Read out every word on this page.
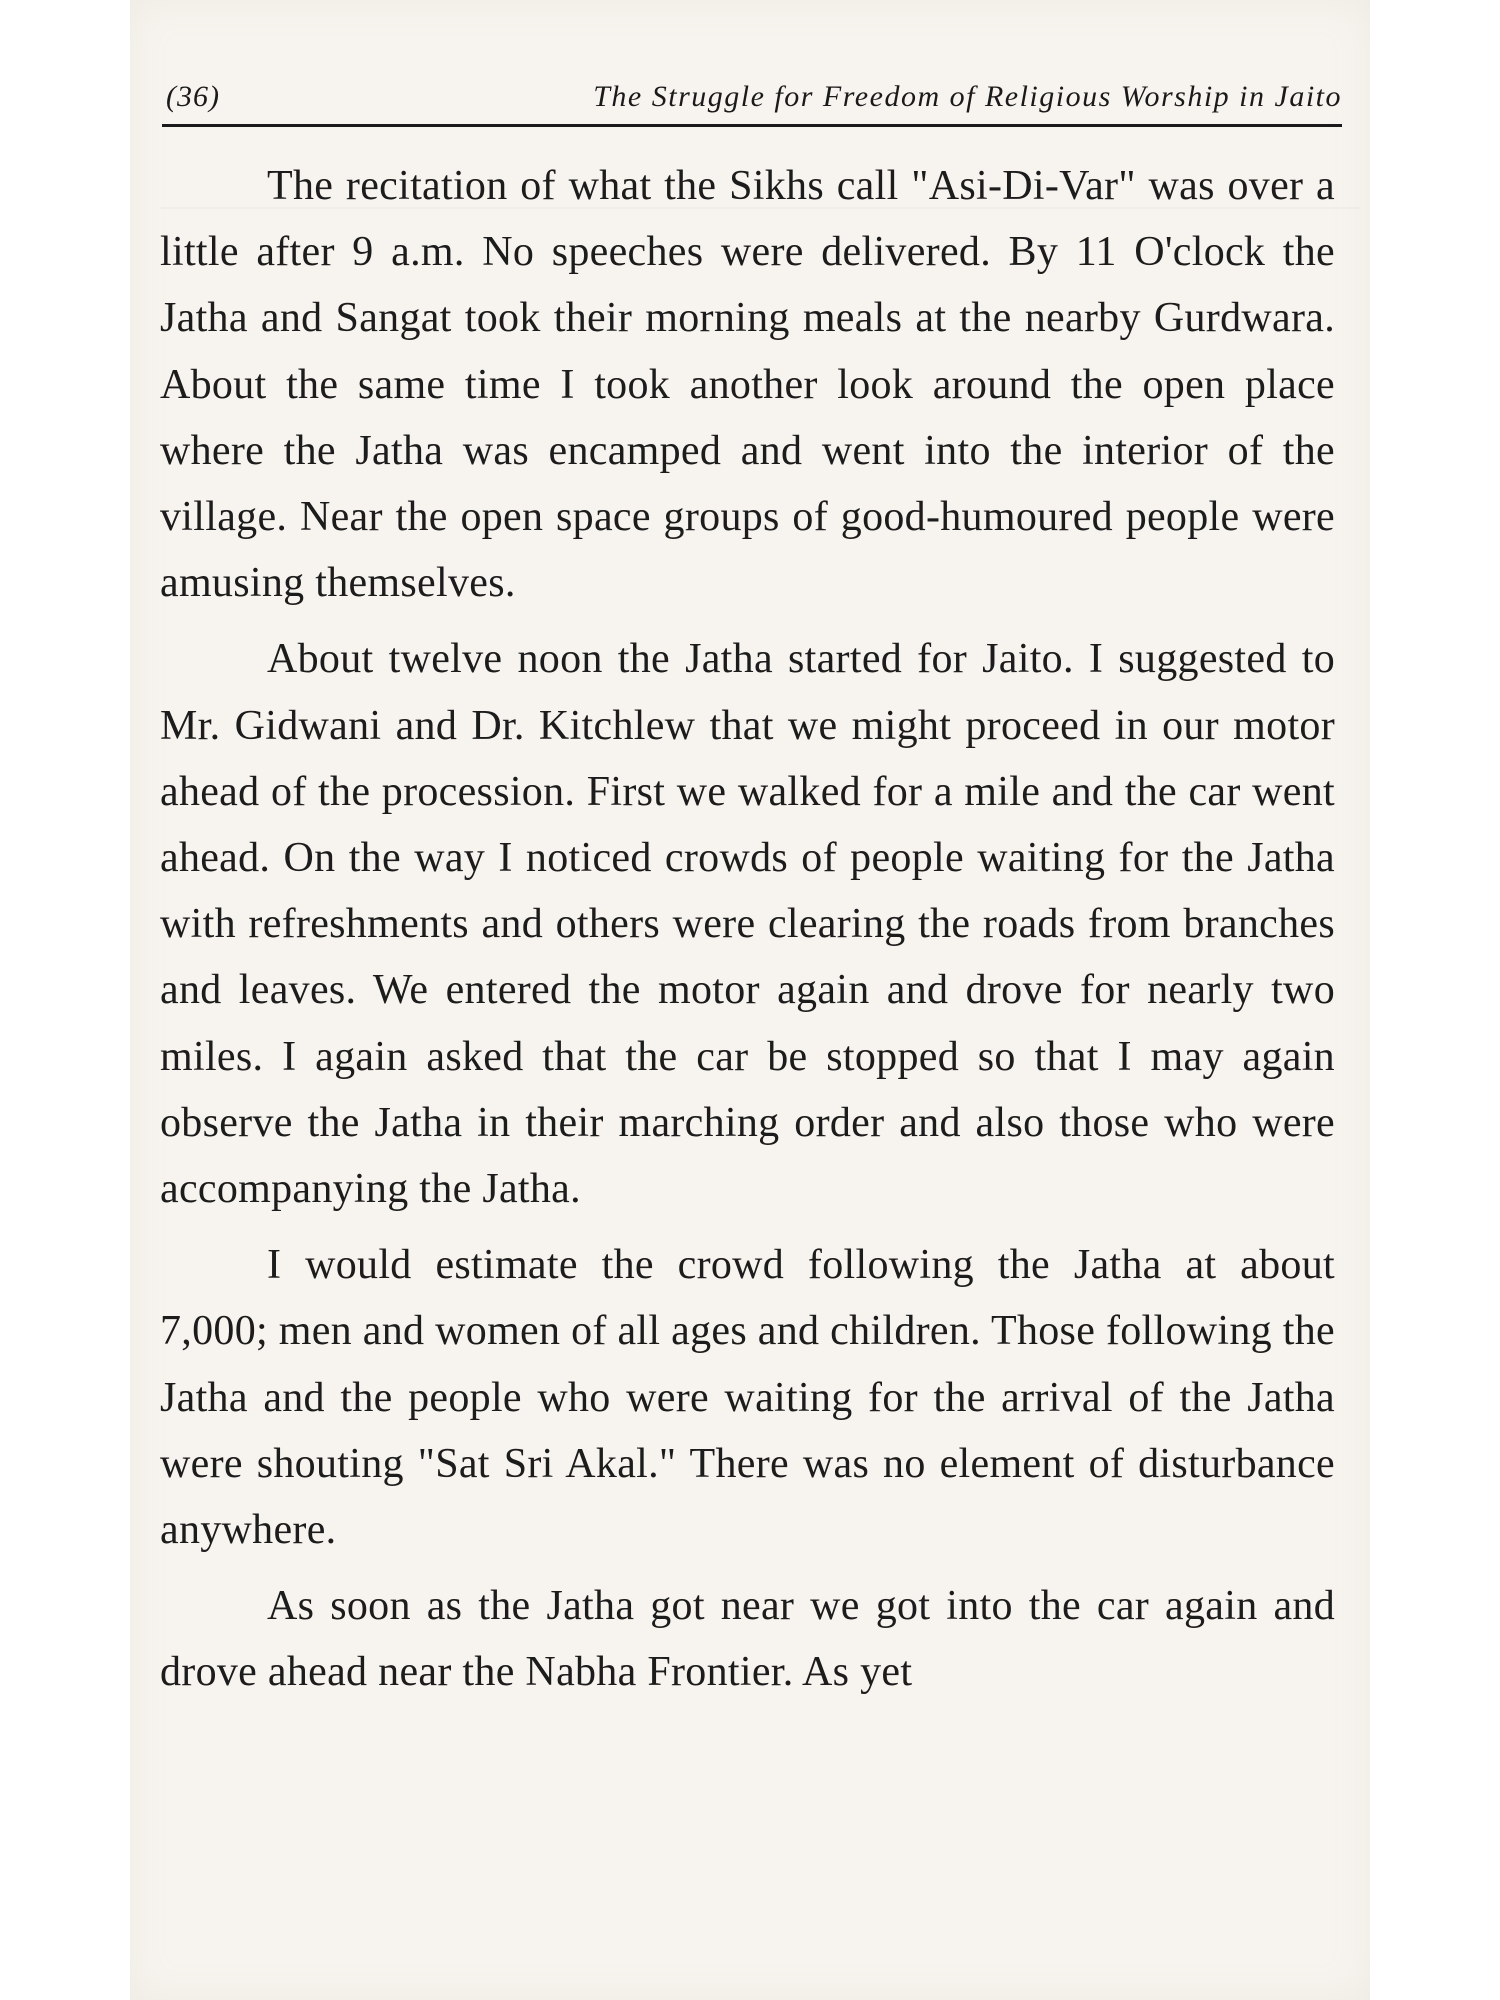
(36)	The Struggle for Freedom of Religious Worship in Jaito

The recitation of what the Sikhs call "Asi-Di-Var" was over a little after 9 a.m. No speeches were delivered. By 11 O'clock the Jatha and Sangat took their morning meals at the nearby Gurdwara. About the same time I took another look around the open place where the Jatha was encamped and went into the interior of the village. Near the open space groups of good-humoured people were amusing themselves.

About twelve noon the Jatha started for Jaito. I suggested to Mr. Gidwani and Dr. Kitchlew that we might proceed in our motor ahead of the procession. First we walked for a mile and the car went ahead. On the way I noticed crowds of people waiting for the Jatha with refreshments and others were clearing the roads from branches and leaves. We entered the motor again and drove for nearly two miles. I again asked that the car be stopped so that I may again observe the Jatha in their marching order and also those who were accompanying the Jatha.

I would estimate the crowd following the Jatha at about 7,000; men and women of all ages and children. Those following the Jatha and the people who were waiting for the arrival of the Jatha were shouting "Sat Sri Akal." There was no element of disturbance anywhere.

As soon as the Jatha got near we got into the car again and drove ahead near the Nabha Frontier. As yet
